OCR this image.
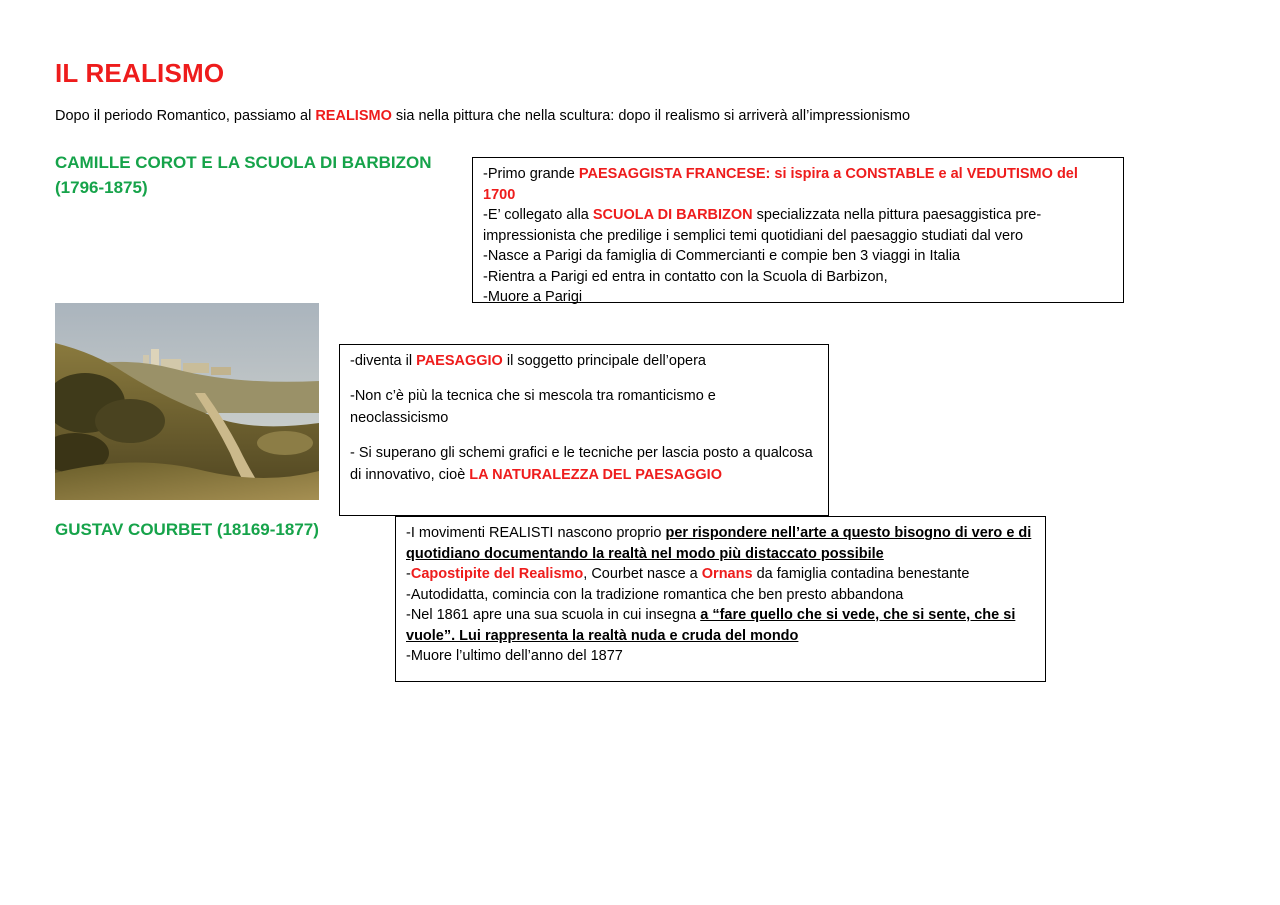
IL REALISMO
Dopo il periodo Romantico, passiamo al REALISMO sia nella pittura che nella scultura: dopo il realismo si arriverà all’impressionismo
CAMILLE COROT E LA SCUOLA DI BARBIZON (1796-1875)

-Primo grande PAESAGGISTA FRANCESE: si ispira a CONSTABLE e al VEDUTISMO del 1700

-E’ collegato alla SCUOLA DI BARBIZON specializzata nella pittura paesaggistica pre-impressionista che predilige i semplici temi quotidiani del paesaggio studiati dal vero

-Nasce a Parigi da famiglia di Commercianti e compie ben 3 viaggi in Italia

-Rientra a Parigi ed entra in contatto con la Scuola di Barbizon,

-Muore a Parigi

-diventa il PAESAGGIO il soggetto principale dell’opera

-Non c’è più la tecnica che si mescola tra romanticismo e neoclassicismo

- Si superano gli schemi grafici e le tecniche per lascia posto a qualcosa di innovativo, cioè LA NATURALEZZA DEL PAESAGGIO

GUSTAV COURBET (18169-1877)	-I movimenti REALISTI nascono proprio per rispondere nell’arte a questo bisogno di vero e di quotidiano documentando la realtà nel modo più distaccato possibile

-Capostipite del Realismo, Courbet nasce a Ornans da famiglia contadina benestante

-Autodidatta, comincia con la tradizione romantica che ben presto abbandona

-Nel 1861 apre una sua scuola in cui insegna a “fare quello che si vede, che si sente, che si vuole”. Lui rappresenta la realtà nuda e cruda del mondo

-Muore l’ultimo dell’anno del 1877
